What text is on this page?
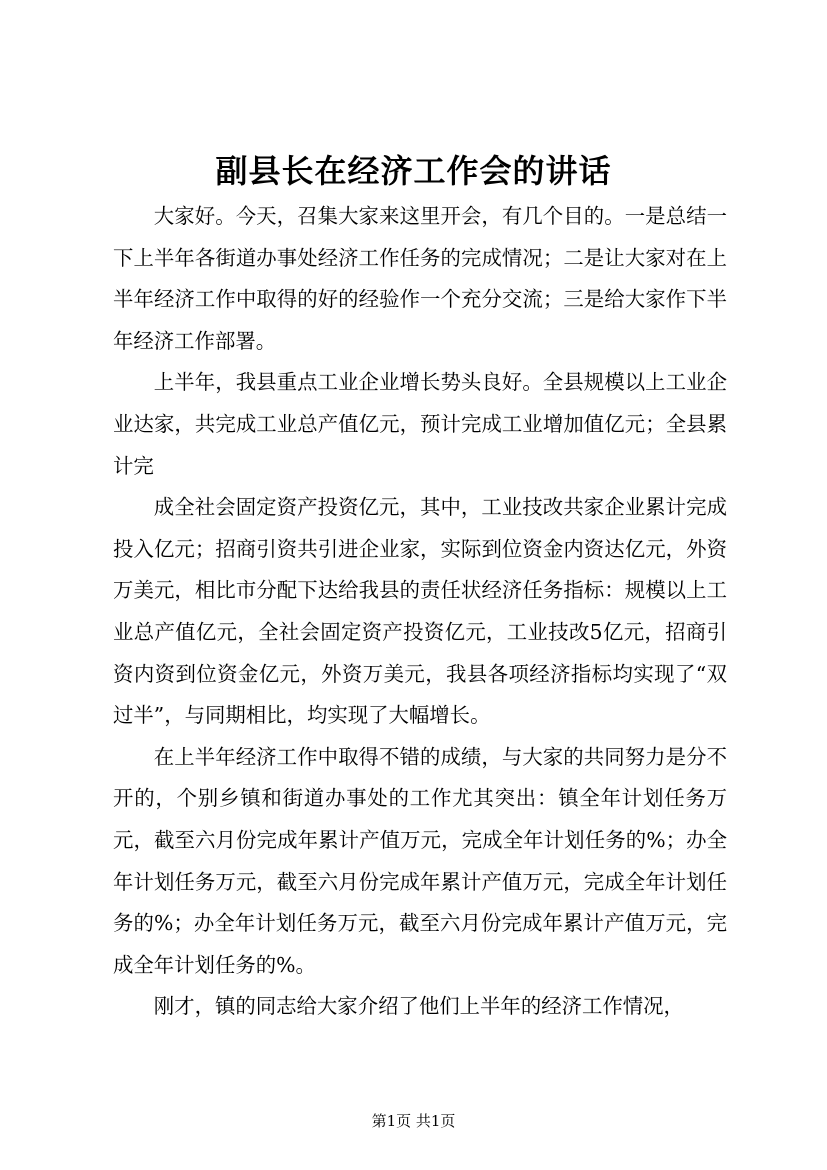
副县长在经济工作会的讲话

大家好。今天，召集大家来这里开会，有几个目的。一是总结一下上半年各街道办事处经济工作任务的完成情况；二是让大家对在上半年经济工作中取得的好的经验作一个充分交流；三是给大家作下半年经济工作部署。

上半年，我县重点工业企业增长势头良好。全县规模以上工业企业达家，共完成工业总产值亿元，预计完成工业增加值亿元；全县累计完

成全社会固定资产投资亿元，其中，工业技改共家企业累计完成投入亿元；招商引资共引进企业家，实际到位资金内资达亿元，外资万美元，相比市分配下达给我县的责任状经济任务指标：规模以上工业总产值亿元，全社会固定资产投资亿元，工业技改5亿元，招商引资内资到位资金亿元，外资万美元，我县各项经济指标均实现了“双过半”，与同期相比，均实现了大幅增长。

在上半年经济工作中取得不错的成绩，与大家的共同努力是分不开的，个别乡镇和街道办事处的工作尤其突出：镇全年计划任务万元，截至六月份完成年累计产值万元，完成全年计划任务的%；办全年计划任务万元，截至六月份完成年累计产值万元，完成全年计划任务的%；办全年计划任务万元，截至六月份完成年累计产值万元，完成全年计划任务的%。

刚才，镇的同志给大家介绍了他们上半年的经济工作情况，

第1页 共1页
